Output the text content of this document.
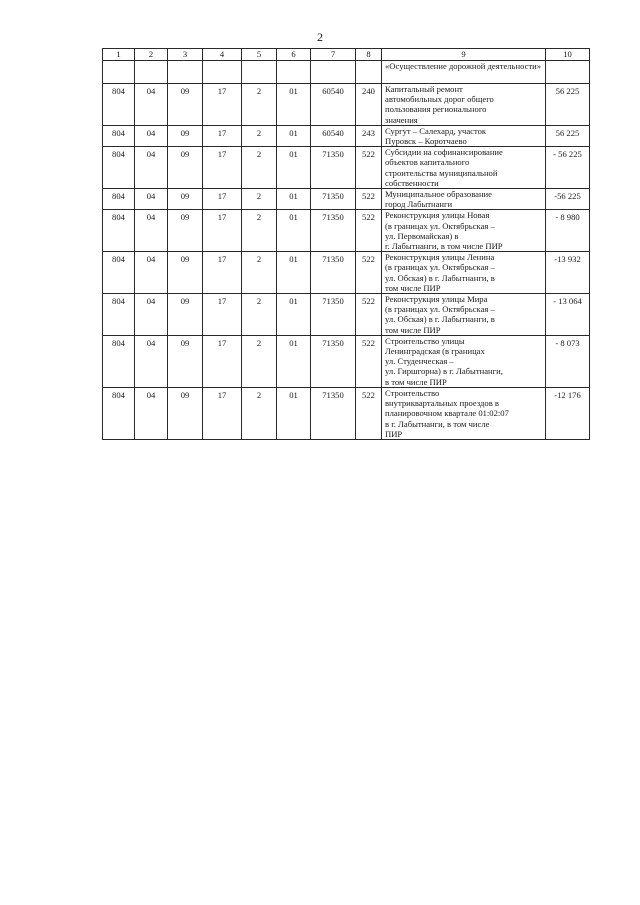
2
1	2	3	4	5	6	7	8	9	10
								«Осуществление дорожной деятельности»	
804	04	09	17	2	01	60540	240	Капитальный ремонт
автомобильных дорог общего
пользования регионального
значения	56 225
804	04	09	17	2	01	60540	243	Сургут – Салехард, участок
Пуровск – Коротчаево	56 225
804	04	09	17	2	01	71350	522	Субсидии на софинансирование
объектов капитального
строительства муниципальной
собственности	- 56 225
804	04	09	17	2	01	71350	522	Муниципальное образование
город Лабытнанги	-56 225
804	04	09	17	2	01	71350	522	Реконструкция улицы Новая
(в границах ул. Октябрьская –
ул. Первомайская) в
г. Лабытнанги, в том числе ПИР	- 8 980
804	04	09	17	2	01	71350	522	Реконструкция улицы Ленина
(в границах ул. Октябрьская –
ул. Обская) в г. Лабытнанги, в
том числе ПИР	-13 932
804	04	09	17	2	01	71350	522	Реконструкция улицы Мира
(в границах ул. Октябрьская –
ул. Обская) в г. Лабытнанги, в
том числе ПИР	- 13 064
804	04	09	17	2	01	71350	522	Строительство улицы
Ленинградская (в границах
ул. Студенческая –
ул. Гиршгорна) в г. Лабытнанги,
в том числе ПИР	- 8 073
804	04	09	17	2	01	71350	522	Строительство
внутриквартальных проездов в
планировочном квартале 01:02:07
в г. Лабытнанги, в том числе
ПИР	-12 176
